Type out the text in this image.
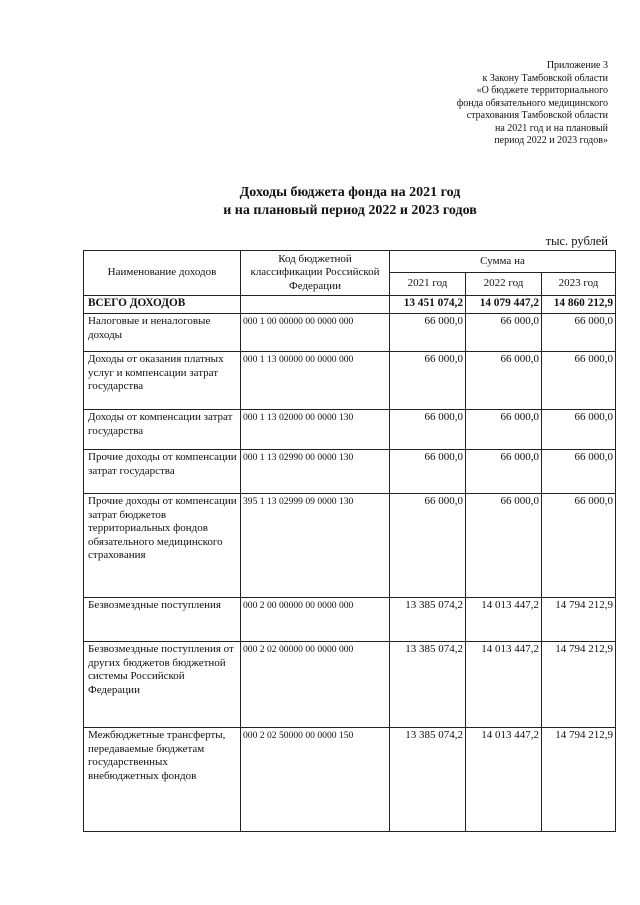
Приложение 3
к Закону Тамбовской области
«О бюджете территориального
фонда обязательного медицинского
страхования Тамбовской области
на 2021 год и на плановый
период 2022 и 2023 годов»
Доходы бюджета фонда на 2021 год
и на плановый период 2022 и 2023 годов
тыс. рублей
Наименование доходов	Код бюджетной классификации Российской Федерации	Сумма на		
		2021 год	2022 год	2023 год
ВСЕГО ДОХОДОВ		13 451 074,2	14 079 447,2	14 860 212,9
Налоговые и неналоговые доходы	000 1 00 00000 00 0000 000	66 000,0	66 000,0	66 000,0
Доходы от оказания платных услуг и компенсации затрат государства	000 1 13 00000 00 0000 000	66 000,0	66 000,0	66 000,0
Доходы от компенсации затрат государства	000 1 13 02000 00 0000 130	66 000,0	66 000,0	66 000,0
Прочие доходы от компенсации затрат государства	000 1 13 02990 00 0000 130	66 000,0	66 000,0	66 000,0
Прочие доходы от компенсации затрат бюджетов территориальных фондов обязательного медицинского страхования	395 1 13 02999 09 0000 130	66 000,0	66 000,0	66 000,0
Безвозмездные поступления	000 2 00 00000 00 0000 000	13 385 074,2	14 013 447,2	14 794 212,9
Безвозмездные поступления от других бюджетов бюджетной системы Российской Федерации	000 2 02 00000 00 0000 000	13 385 074,2	14 013 447,2	14 794 212,9
Межбюджетные трансферты, передаваемые бюджетам государственных внебюджетных фондов	000 2 02 50000 00 0000 150	13 385 074,2	14 013 447,2	14 794 212,9
